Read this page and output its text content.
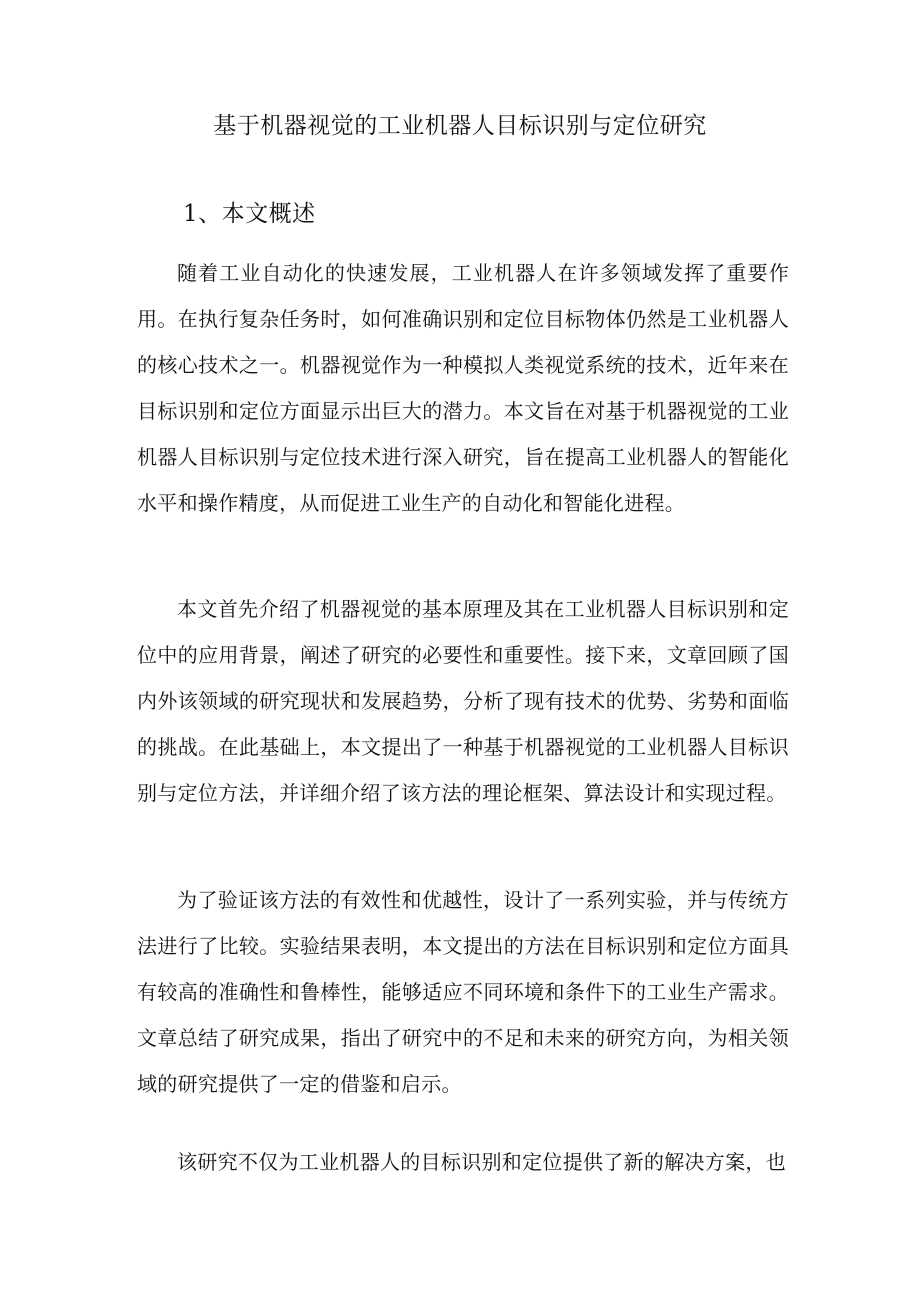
基于机器视觉的工业机器人目标识别与定位研究
1、本文概述

随着工业自动化的快速发展，工业机器人在许多领域发挥了重要作用。在执行复杂任务时，如何准确识别和定位目标物体仍然是工业机器人的核心技术之一。机器视觉作为一种模拟人类视觉系统的技术，近年来在目标识别和定位方面显示出巨大的潜力。本文旨在对基于机器视觉的工业机器人目标识别与定位技术进行深入研究，旨在提高工业机器人的智能化水平和操作精度，从而促进工业生产的自动化和智能化进程。

本文首先介绍了机器视觉的基本原理及其在工业机器人目标识别和定位中的应用背景，阐述了研究的必要性和重要性。接下来，文章回顾了国内外该领域的研究现状和发展趋势，分析了现有技术的优势、劣势和面临的挑战。在此基础上，本文提出了一种基于机器视觉的工业机器人目标识别与定位方法，并详细介绍了该方法的理论框架、算法设计和实现过程。

为了验证该方法的有效性和优越性，设计了一系列实验，并与传统方法进行了比较。实验结果表明，本文提出的方法在目标识别和定位方面具有较高的准确性和鲁棒性，能够适应不同环境和条件下的工业生产需求。文章总结了研究成果，指出了研究中的不足和未来的研究方向，为相关领域的研究提供了一定的借鉴和启示。

该研究不仅为工业机器人的目标识别和定位提供了新的解决方案，也
